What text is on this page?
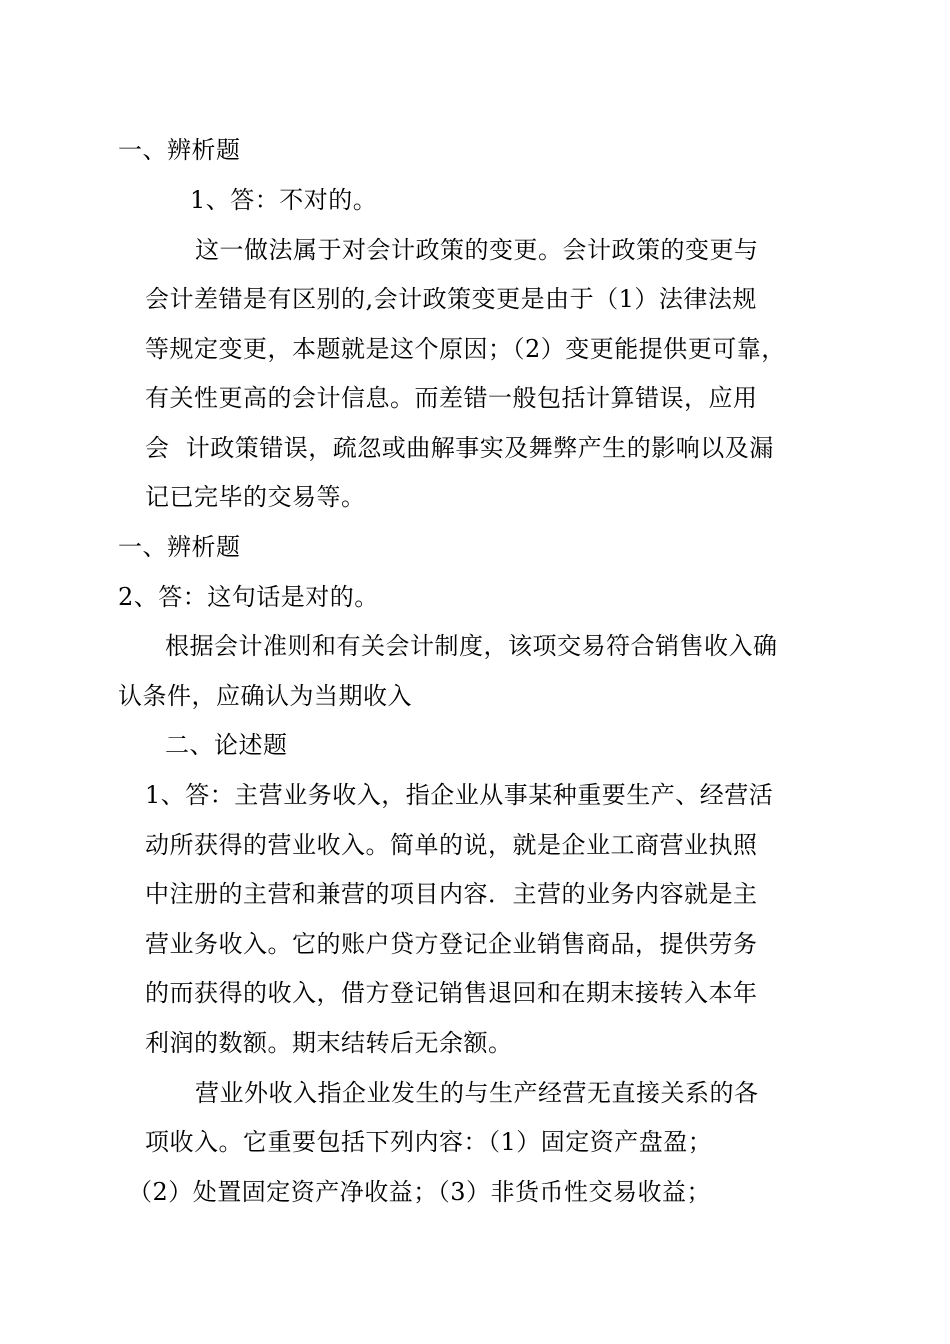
一、辨析题
1、答：不对的。
这一做法属于对会计政策的变更。会计政策的变更与
会计差错是有区别的,会计政策变更是由于（1）法律法规
等规定变更，本题就是这个原因；（2）变更能提供更可靠，
有关性更高的会计信息。而差错一般包括计算错误，应用
会  计政策错误，疏忽或曲解事实及舞弊产生的影响以及漏
记已完毕的交易等。
一、辨析题
2、答：这句话是对的。
根据会计准则和有关会计制度，该项交易符合销售收入确
认条件，应确认为当期收入
二、论述题
1、答：主营业务收入，指企业从事某种重要生产、经营活
动所获得的营业收入。简单的说，就是企业工商营业执照
中注册的主营和兼营的项目内容．主营的业务内容就是主
营业务收入。它的账户贷方登记企业销售商品，提供劳务
的而获得的收入，借方登记销售退回和在期末接转入本年
利润的数额。期末结转后无余额。
营业外收入指企业发生的与生产经营无直接关系的各
项收入。它重要包括下列内容：（1）固定资产盘盈；
（2）处置固定资产净收益；（3）非货币性交易收益；
